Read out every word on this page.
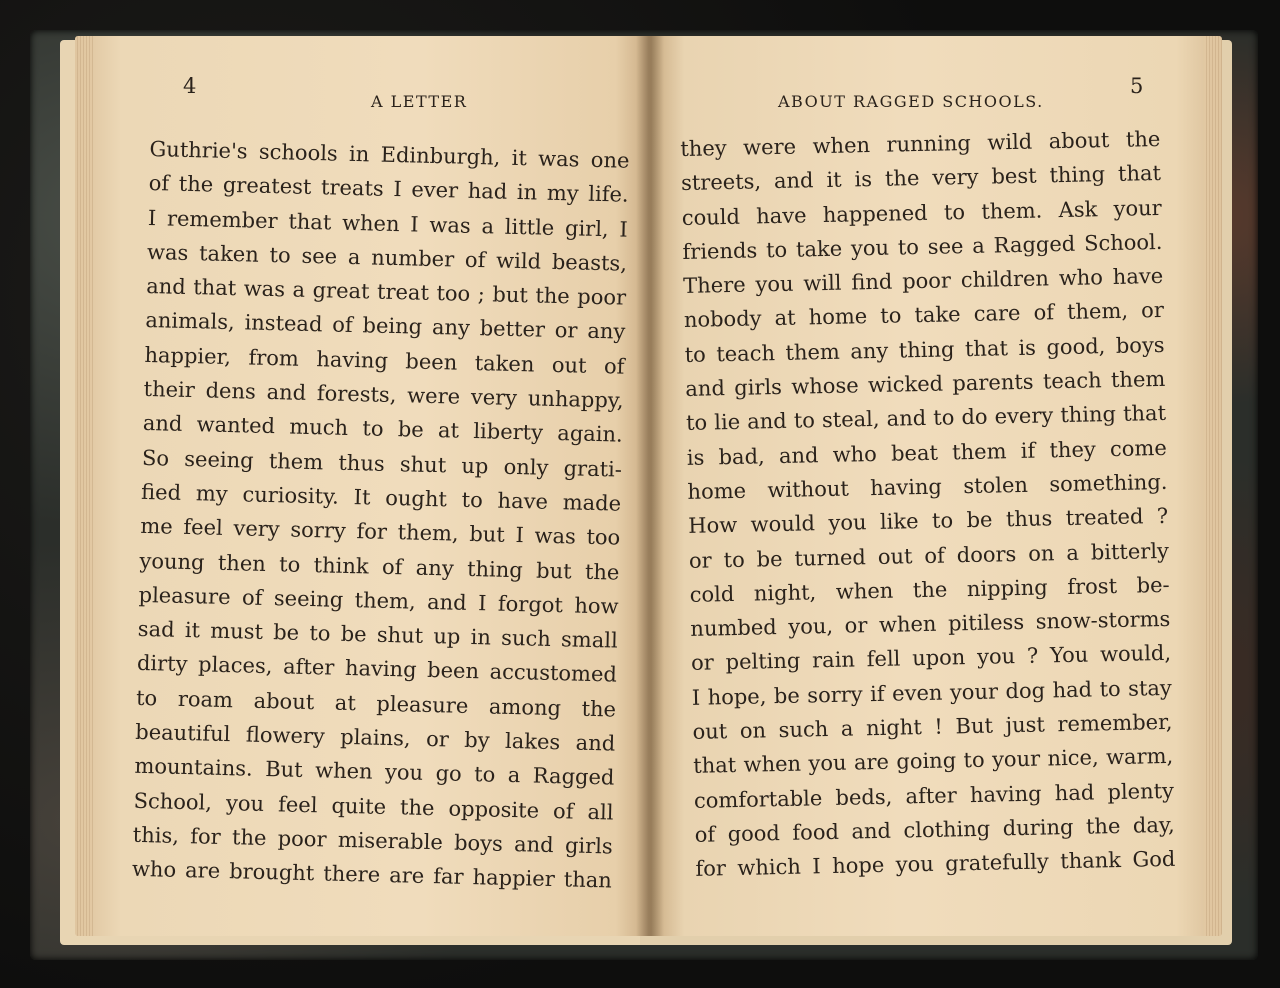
4
A LETTER
Guthrie's schools in Edinburgh, it was one
of the greatest treats I ever had in my life.
I remember that when I was a little girl, I
was taken to see a number of wild beasts,
and that was a great treat too ; but the poor
animals, instead of being any better or any
happier, from having been taken out of
their dens and forests, were very unhappy,
and wanted much to be at liberty again.
So seeing them thus shut up only grati-
fied my curiosity. It ought to have made
me feel very sorry for them, but I was too
young then to think of any thing but the
pleasure of seeing them, and I forgot how
sad it must be to be shut up in such small
dirty places, after having been accustomed
to roam about at pleasure among the
beautiful flowery plains, or by lakes and
mountains. But when you go to a Ragged
School, you feel quite the opposite of all
this, for the poor miserable boys and girls
who are brought there are far happier than
ABOUT RAGGED SCHOOLS.
5
they were when running wild about the
streets, and it is the very best thing that
could have happened to them. Ask your
friends to take you to see a Ragged School.
There you will find poor children who have
nobody at home to take care of them, or
to teach them any thing that is good, boys
and girls whose wicked parents teach them
to lie and to steal, and to do every thing that
is bad, and who beat them if they come
home without having stolen something.
How would you like to be thus treated ?
or to be turned out of doors on a bitterly
cold night, when the nipping frost be-
numbed you, or when pitiless snow-storms
or pelting rain fell upon you ? You would,
I hope, be sorry if even your dog had to stay
out on such a night ! But just remember,
that when you are going to your nice, warm,
comfortable beds, after having had plenty
of good food and clothing during the day,
for which I hope you gratefully thank God
